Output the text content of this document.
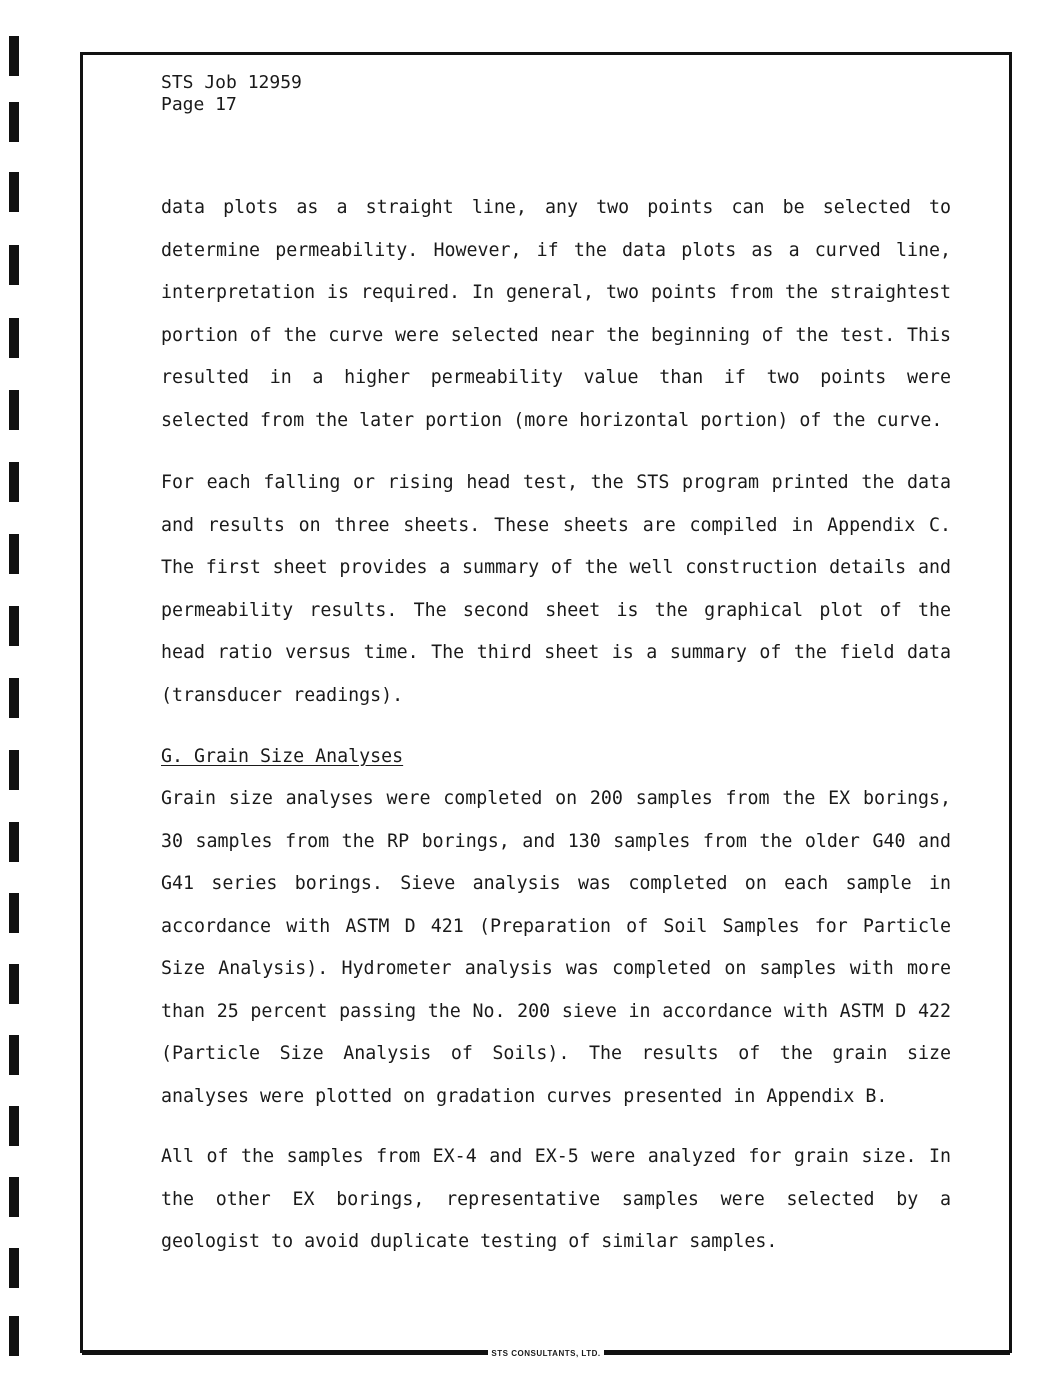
STS Job 12959
Page 17
data plots as a straight line, any two points can be selected to determine permeability. However, if the data plots as a curved line, interpretation is required. In general, two points from the straightest portion of the curve were selected near the beginning of the test. This resulted in a higher permeability value than if two points were selected from the later portion (more horizontal portion) of the curve.
For each falling or rising head test, the STS program printed the data and results on three sheets. These sheets are compiled in Appendix C. The first sheet provides a summary of the well construction details and permeability results. The second sheet is the graphical plot of the head ratio versus time. The third sheet is a summary of the field data (transducer readings).
G. Grain Size Analyses
Grain size analyses were completed on 200 samples from the EX borings, 30 samples from the RP borings, and 130 samples from the older G40 and G41 series borings. Sieve analysis was completed on each sample in accordance with ASTM D 421 (Preparation of Soil Samples for Particle Size Analysis). Hydrometer analysis was completed on samples with more than 25 percent passing the No. 200 sieve in accordance with ASTM D 422 (Particle Size Analysis of Soils). The results of the grain size analyses were plotted on gradation curves presented in Appendix B.
All of the samples from EX-4 and EX-5 were analyzed for grain size. In the other EX borings, representative samples were selected by a geologist to avoid duplicate testing of similar samples.
STS CONSULTANTS, LTD.
